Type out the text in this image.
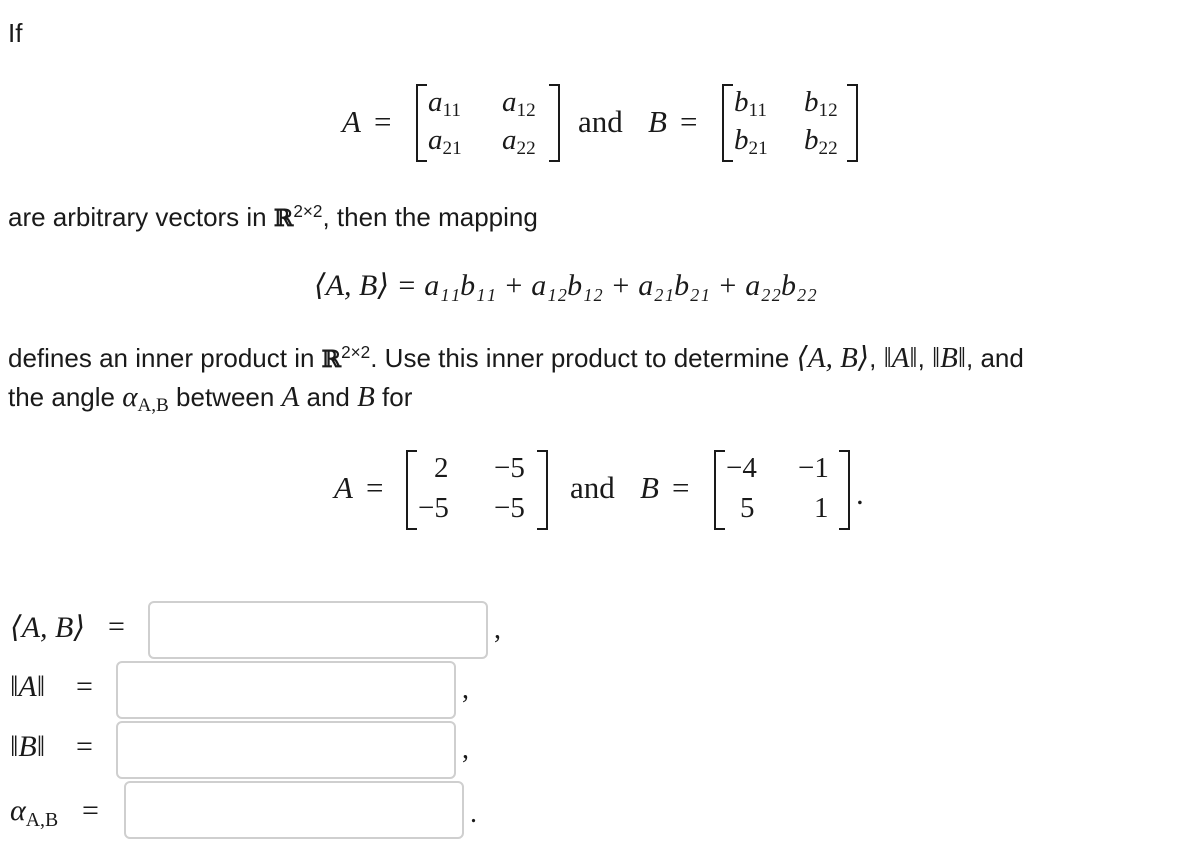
If
A =
a11 a12
a21 a22
and B =
b11 b12
b21 b22
are arbitrary vectors in ℝ$^{2\times 2}$, then the mapping
⟨A, B⟩ = a₁₁b₁₁ + a₁₂b₁₂ + a₂₁b₂₁ + a₂₂b₂₂
defines an inner product in ℝ$^{2\times 2}$. Use this inner product to determine ⟨A, B⟩, ‖A‖, ‖B‖, and
the angle αA,B between A and B for
A =
2 −5
−5 −5
and B =
−4 −1
5 1 .
⟨A, B⟩ =	,
‖A‖ =	,
‖B‖ =	,
αA,B =	.
